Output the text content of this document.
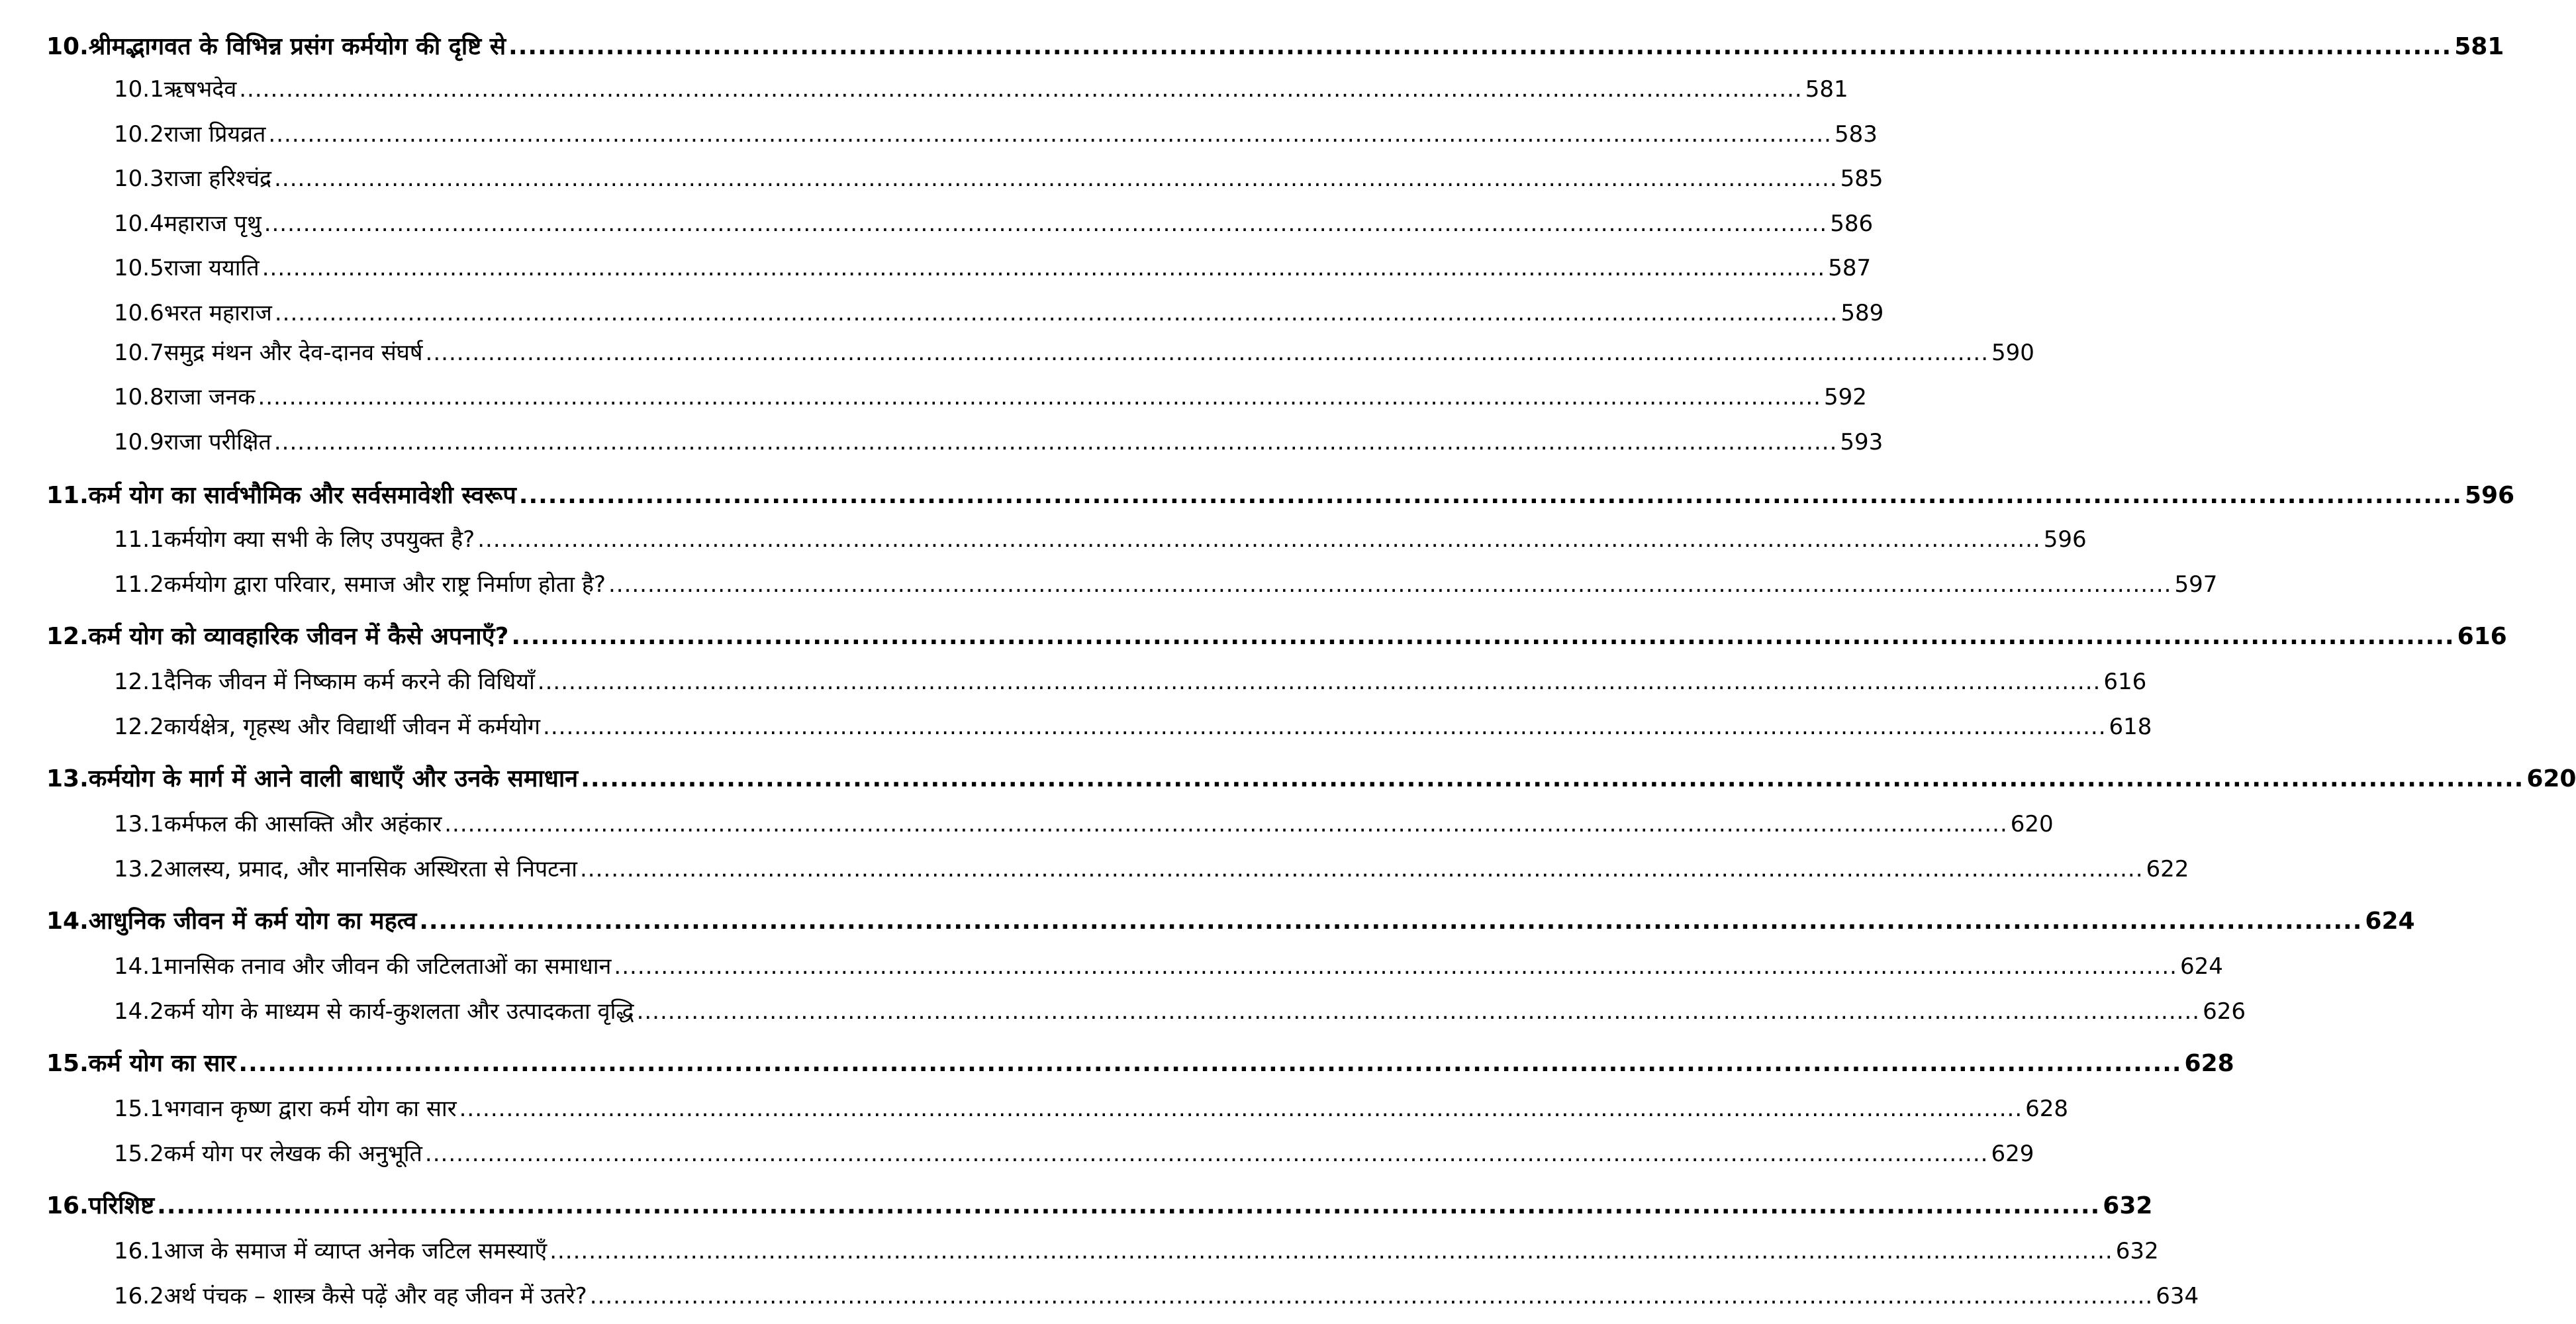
10. श्रीमद्भागवत के विभिन्न प्रसंग कर्मयोग की दृष्टि से ........................................................................................................................................................................................................ 581
10.1 ऋषभदेव ........................................................................................................................................................................................................ 581
10.2 राजा प्रियव्रत ........................................................................................................................................................................................................ 583
10.3 राजा हरिश्चंद्र ........................................................................................................................................................................................................ 585
10.4 महाराज पृथु ........................................................................................................................................................................................................ 586
10.5 राजा ययाति ........................................................................................................................................................................................................ 587
10.6 भरत महाराज ........................................................................................................................................................................................................ 589
10.7 समुद्र मंथन और देव-दानव संघर्ष ........................................................................................................................................................................................................ 590
10.8 राजा जनक ........................................................................................................................................................................................................ 592
10.9 राजा परीक्षित ........................................................................................................................................................................................................ 593
11. कर्म योग का सार्वभौमिक और सर्वसमावेशी स्वरूप ........................................................................................................................................................................................................ 596
11.1 कर्मयोग क्या सभी के लिए उपयुक्त है? ........................................................................................................................................................................................................ 596
11.2 कर्मयोग द्वारा परिवार, समाज और राष्ट्र निर्माण होता है? ........................................................................................................................................................................................................ 597
12. कर्म योग को व्यावहारिक जीवन में कैसे अपनाएँ? ........................................................................................................................................................................................................ 616
12.1 दैनिक जीवन में निष्काम कर्म करने की विधियाँ ........................................................................................................................................................................................................ 616
12.2 कार्यक्षेत्र, गृहस्थ और विद्यार्थी जीवन में कर्मयोग ........................................................................................................................................................................................................ 618
13. कर्मयोग के मार्ग में आने वाली बाधाएँ और उनके समाधान ........................................................................................................................................................................................................ 620
13.1 कर्मफल की आसक्ति और अहंकार ........................................................................................................................................................................................................ 620
13.2 आलस्य, प्रमाद, और मानसिक अस्थिरता से निपटना ........................................................................................................................................................................................................ 622
14. आधुनिक जीवन में कर्म योग का महत्व ........................................................................................................................................................................................................ 624
14.1 मानसिक तनाव और जीवन की जटिलताओं का समाधान ........................................................................................................................................................................................................ 624
14.2 कर्म योग के माध्यम से कार्य-कुशलता और उत्पादकता वृद्धि ........................................................................................................................................................................................................ 626
15. कर्म योग का सार ........................................................................................................................................................................................................ 628
15.1 भगवान कृष्ण द्वारा कर्म योग का सार ........................................................................................................................................................................................................ 628
15.2 कर्म योग पर लेखक की अनुभूति ........................................................................................................................................................................................................ 629
16. परिशिष्ट ........................................................................................................................................................................................................ 632
16.1 आज के समाज में व्याप्त अनेक जटिल समस्याएँ ........................................................................................................................................................................................................ 632
16.2 अर्थ पंचक – शास्त्र कैसे पढ़ें और वह जीवन में उतरे? ........................................................................................................................................................................................................ 634
